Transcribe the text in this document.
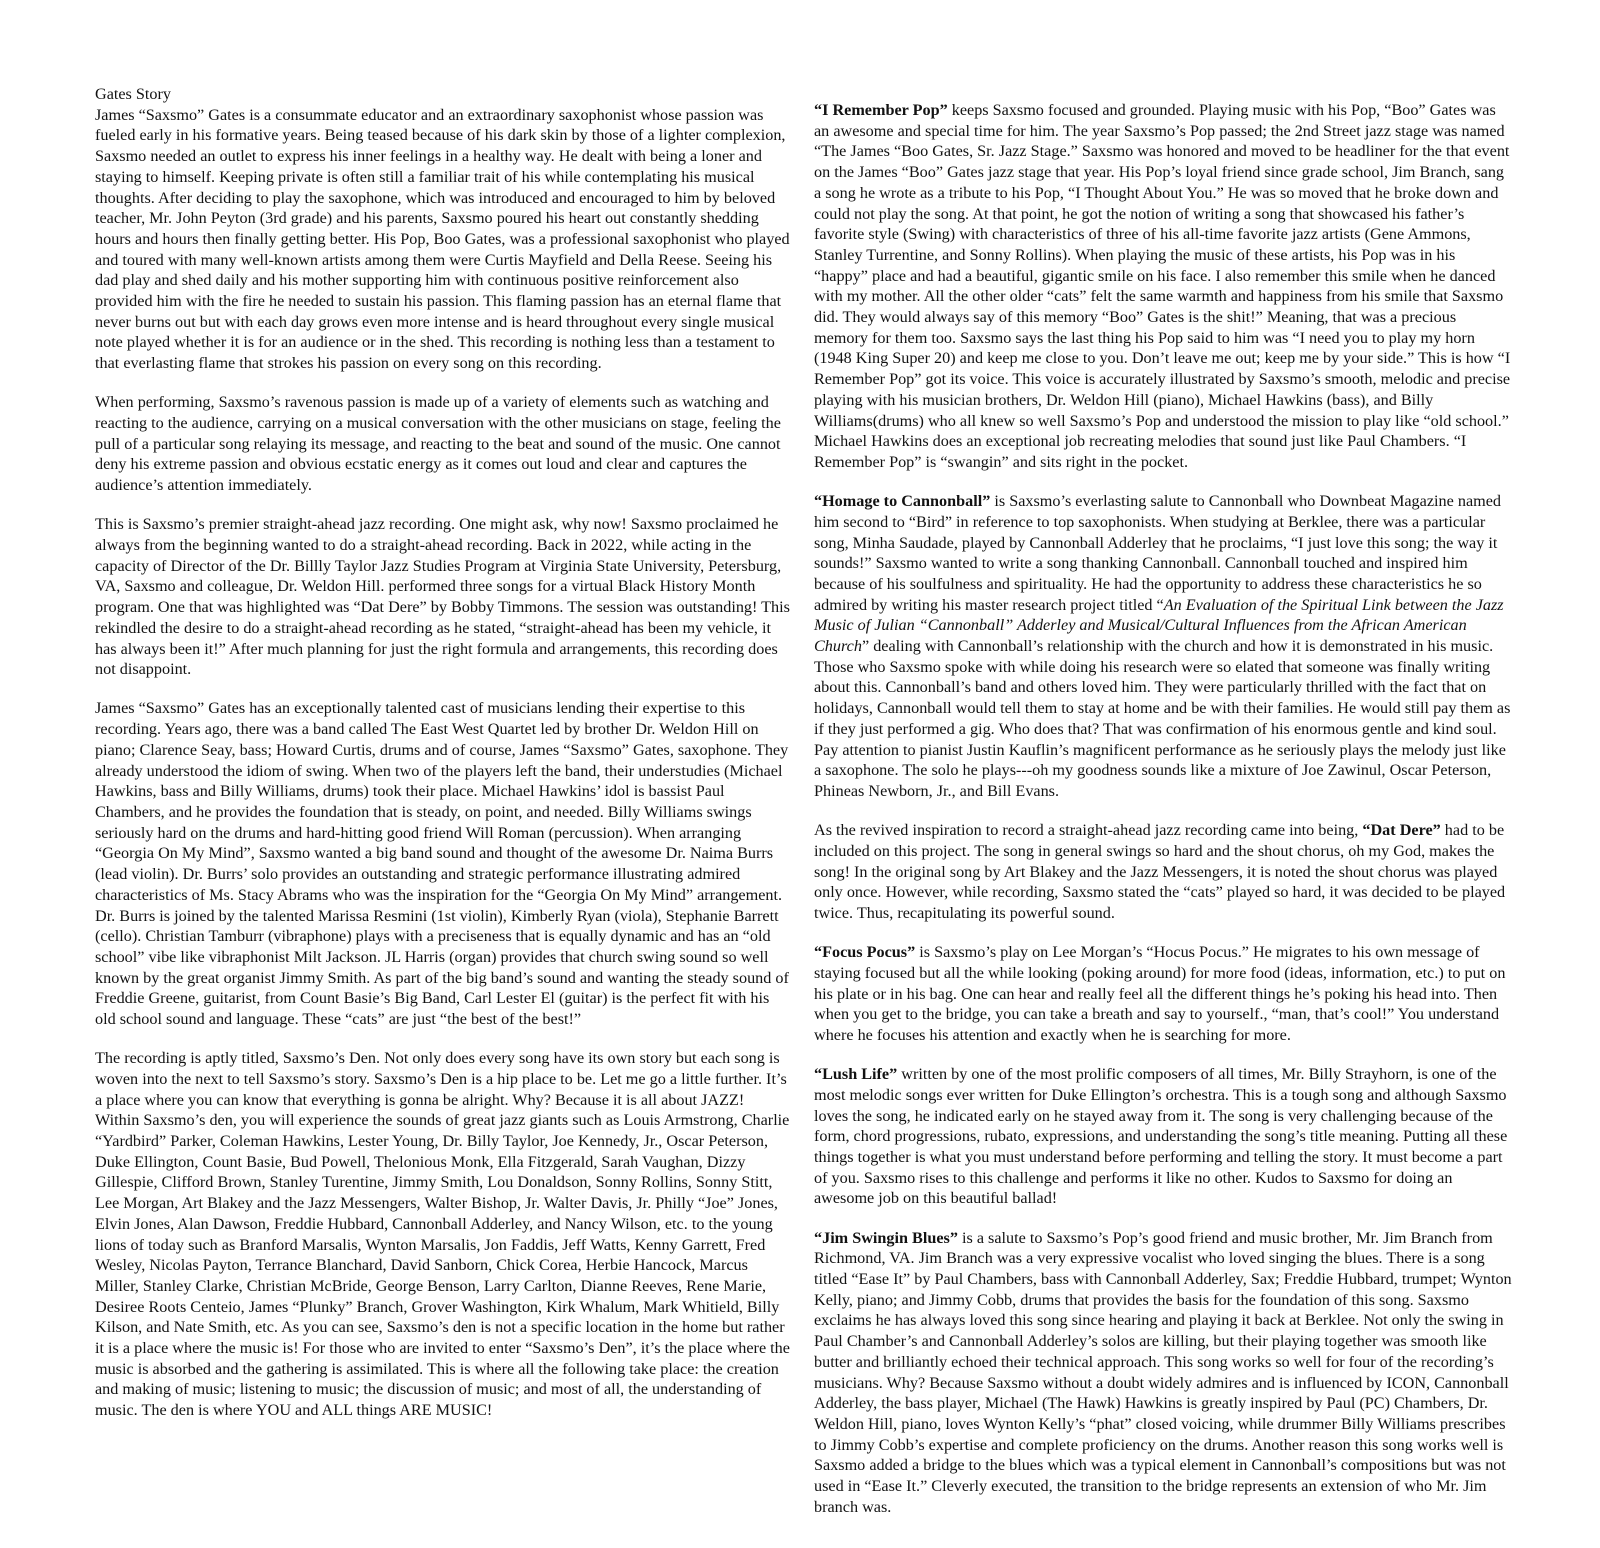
Gates Story

James “Saxsmo” Gates is a consummate educator and an extraordinary saxophonist whose passion was fueled early in his formative years. Being teased because of his dark skin by those of a lighter complexion, Saxsmo needed an outlet to express his inner feelings in a healthy way. He dealt with being a loner and staying to himself. Keeping private is often still a familiar trait of his while contemplating his musical thoughts. After deciding to play the saxophone, which was introduced and encouraged to him by beloved teacher, Mr. John Peyton (3rd grade) and his parents, Saxsmo poured his heart out constantly shedding hours and hours then finally getting better. His Pop, Boo Gates, was a professional saxophonist who played and toured with many well-known artists among them were Curtis Mayfield and Della Reese. Seeing his dad play and shed daily and his mother supporting him with continuous positive reinforcement also provided him with the fire he needed to sustain his passion. This flaming passion has an eternal flame that never burns out but with each day grows even more intense and is heard throughout every single musical note played whether it is for an audience or in the shed. This recording is nothing less than a testament to that everlasting flame that strokes his passion on every song on this recording.

When performing, Saxsmo’s ravenous passion is made up of a variety of elements such as watching and reacting to the audience, carrying on a musical conversation with the other musicians on stage, feeling the pull of a particular song relaying its message, and reacting to the beat and sound of the music. One cannot deny his extreme passion and obvious ecstatic energy as it comes out loud and clear and captures the audience’s attention immediately.

This is Saxsmo’s premier straight-ahead jazz recording. One might ask, why now! Saxsmo proclaimed he always from the beginning wanted to do a straight-ahead recording. Back in 2022, while acting in the capacity of Director of the Dr. Billly Taylor Jazz Studies Program at Virginia State University, Petersburg, VA, Saxsmo and colleague, Dr. Weldon Hill. performed three songs for a virtual Black History Month program. One that was highlighted was “Dat Dere” by Bobby Timmons. The session was outstanding! This rekindled the desire to do a straight-ahead recording as he stated, “straight-ahead has been my vehicle, it has always been it!” After much planning for just the right formula and arrangements, this recording does not disappoint.

James “Saxsmo” Gates has an exceptionally talented cast of musicians lending their expertise to this recording. Years ago, there was a band called The East West Quartet led by brother Dr. Weldon Hill on piano; Clarence Seay, bass; Howard Curtis, drums and of course, James “Saxsmo” Gates, saxophone. They already understood the idiom of swing. When two of the players left the band, their understudies (Michael Hawkins, bass and Billy Williams, drums) took their place. Michael Hawkins’ idol is bassist Paul Chambers, and he provides the foundation that is steady, on point, and needed. Billy Williams swings seriously hard on the drums and hard-hitting good friend Will Roman (percussion). When arranging “Georgia On My Mind”, Saxsmo wanted a big band sound and thought of the awesome Dr. Naima Burrs (lead violin). Dr. Burrs’ solo provides an outstanding and strategic performance illustrating admired characteristics of Ms. Stacy Abrams who was the inspiration for the “Georgia On My Mind” arrangement. Dr. Burrs is joined by the talented Marissa Resmini (1st violin), Kimberly Ryan (viola), Stephanie Barrett (cello). Christian Tamburr (vibraphone) plays with a preciseness that is equally dynamic and has an “old school” vibe like vibraphonist Milt Jackson. JL Harris (organ) provides that church swing sound so well known by the great organist Jimmy Smith. As part of the big band’s sound and wanting the steady sound of Freddie Greene, guitarist, from Count Basie’s Big Band, Carl Lester El (guitar) is the perfect fit with his old school sound and language. These “cats” are just “the best of the best!”

The recording is aptly titled, Saxsmo’s Den. Not only does every song have its own story but each song is woven into the next to tell Saxsmo’s story. Saxsmo’s Den is a hip place to be. Let me go a little further. It’s a place where you can know that everything is gonna be alright. Why? Because it is all about JAZZ! Within Saxsmo’s den, you will experience the sounds of great jazz giants such as Louis Armstrong, Charlie “Yardbird” Parker, Coleman Hawkins, Lester Young, Dr. Billy Taylor, Joe Kennedy, Jr., Oscar Peterson, Duke Ellington, Count Basie, Bud Powell, Thelonious Monk, Ella Fitzgerald, Sarah Vaughan, Dizzy Gillespie, Clifford Brown, Stanley Turentine, Jimmy Smith, Lou Donaldson, Sonny Rollins, Sonny Stitt, Lee Morgan, Art Blakey and the Jazz Messengers, Walter Bishop, Jr. Walter Davis, Jr. Philly “Joe” Jones, Elvin Jones, Alan Dawson, Freddie Hubbard, Cannonball Adderley, and Nancy Wilson, etc. to the young lions of today such as Branford Marsalis, Wynton Marsalis, Jon Faddis, Jeff Watts, Kenny Garrett, Fred Wesley, Nicolas Payton, Terrance Blanchard, David Sanborn, Chick Corea, Herbie Hancock, Marcus Miller, Stanley Clarke, Christian McBride, George Benson, Larry Carlton, Dianne Reeves, Rene Marie, Desiree Roots Centeio, James “Plunky” Branch, Grover Washington, Kirk Whalum, Mark Whitield, Billy Kilson, and Nate Smith, etc. As you can see, Saxsmo’s den is not a specific location in the home but rather it is a place where the music is! For those who are invited to enter “Saxsmo’s Den”, it’s the place where the music is absorbed and the gathering is assimilated. This is where all the following take place: the creation and making of music; listening to music; the discussion of music; and most of all, the understanding of music. The den is where YOU and ALL things ARE MUSIC!

“I Remember Pop” keeps Saxsmo focused and grounded. Playing music with his Pop, “Boo” Gates was an awesome and special time for him. The year Saxsmo’s Pop passed; the 2nd Street jazz stage was named “The James “Boo Gates, Sr. Jazz Stage.” Saxsmo was honored and moved to be headliner for the that event on the James “Boo” Gates jazz stage that year. His Pop’s loyal friend since grade school, Jim Branch, sang a song he wrote as a tribute to his Pop, “I Thought About You.” He was so moved that he broke down and could not play the song. At that point, he got the notion of writing a song that showcased his father’s favorite style (Swing) with characteristics of three of his all-time favorite jazz artists (Gene Ammons, Stanley Turrentine, and Sonny Rollins). When playing the music of these artists, his Pop was in his “happy” place and had a beautiful, gigantic smile on his face. I also remember this smile when he danced with my mother. All the other older “cats” felt the same warmth and happiness from his smile that Saxsmo did. They would always say of this memory “Boo” Gates is the shit!” Meaning, that was a precious memory for them too. Saxsmo says the last thing his Pop said to him was “I need you to play my horn (1948 King Super 20) and keep me close to you. Don’t leave me out; keep me by your side.” This is how “I Remember Pop” got its voice. This voice is accurately illustrated by Saxsmo’s smooth, melodic and precise playing with his musician brothers, Dr. Weldon Hill (piano), Michael Hawkins (bass), and Billy Williams(drums) who all knew so well Saxsmo’s Pop and understood the mission to play like “old school.” Michael Hawkins does an exceptional job recreating melodies that sound just like Paul Chambers. “I Remember Pop” is “swangin” and sits right in the pocket.

“Homage to Cannonball” is Saxsmo’s everlasting salute to Cannonball who Downbeat Magazine named him second to “Bird” in reference to top saxophonists. When studying at Berklee, there was a particular song, Minha Saudade, played by Cannonball Adderley that he proclaims, “I just love this song; the way it sounds!” Saxsmo wanted to write a song thanking Cannonball. Cannonball touched and inspired him because of his soulfulness and spirituality. He had the opportunity to address these characteristics he so admired by writing his master research project titled “An Evaluation of the Spiritual Link between the Jazz Music of Julian “Cannonball” Adderley and Musical/Cultural Influences from the African American Church” dealing with Cannonball’s relationship with the church and how it is demonstrated in his music. Those who Saxsmo spoke with while doing his research were so elated that someone was finally writing about this. Cannonball’s band and others loved him. They were particularly thrilled with the fact that on holidays, Cannonball would tell them to stay at home and be with their families. He would still pay them as if they just performed a gig. Who does that? That was confirmation of his enormous gentle and kind soul. Pay attention to pianist Justin Kauflin’s magnificent performance as he seriously plays the melody just like a saxophone. The solo he plays---oh my goodness sounds like a mixture of Joe Zawinul, Oscar Peterson, Phineas Newborn, Jr., and Bill Evans.

As the revived inspiration to record a straight-ahead jazz recording came into being, “Dat Dere” had to be included on this project. The song in general swings so hard and the shout chorus, oh my God, makes the song! In the original song by Art Blakey and the Jazz Messengers, it is noted the shout chorus was played only once. However, while recording, Saxsmo stated the “cats” played so hard, it was decided to be played twice. Thus, recapitulating its powerful sound.

“Focus Pocus” is Saxsmo’s play on Lee Morgan’s “Hocus Pocus.” He migrates to his own message of staying focused but all the while looking (poking around) for more food (ideas, information, etc.) to put on his plate or in his bag. One can hear and really feel all the different things he’s poking his head into. Then when you get to the bridge, you can take a breath and say to yourself., “man, that’s cool!” You understand where he focuses his attention and exactly when he is searching for more.

“Lush Life” written by one of the most prolific composers of all times, Mr. Billy Strayhorn, is one of the most melodic songs ever written for Duke Ellington’s orchestra. This is a tough song and although Saxsmo loves the song, he indicated early on he stayed away from it. The song is very challenging because of the form, chord progressions, rubato, expressions, and understanding the song’s title meaning. Putting all these things together is what you must understand before performing and telling the story. It must become a part of you. Saxsmo rises to this challenge and performs it like no other. Kudos to Saxsmo for doing an awesome job on this beautiful ballad!

“Jim Swingin Blues” is a salute to Saxsmo’s Pop’s good friend and music brother, Mr. Jim Branch from Richmond, VA. Jim Branch was a very expressive vocalist who loved singing the blues. There is a song titled “Ease It” by Paul Chambers, bass with Cannonball Adderley, Sax; Freddie Hubbard, trumpet; Wynton Kelly, piano; and Jimmy Cobb, drums that provides the basis for the foundation of this song. Saxsmo exclaims he has always loved this song since hearing and playing it back at Berklee. Not only the swing in Paul Chamber’s and Cannonball Adderley’s solos are killing, but their playing together was smooth like butter and brilliantly echoed their technical approach. This song works so well for four of the recording’s musicians. Why? Because Saxsmo without a doubt widely admires and is influenced by ICON, Cannonball Adderley, the bass player, Michael (The Hawk) Hawkins is greatly inspired by Paul (PC) Chambers, Dr. Weldon Hill, piano, loves Wynton Kelly’s “phat” closed voicing, while drummer Billy Williams prescribes to Jimmy Cobb’s expertise and complete proficiency on the drums. Another reason this song works well is Saxsmo added a bridge to the blues which was a typical element in Cannonball’s compositions but was not used in “Ease It.” Cleverly executed, the transition to the bridge represents an extension of who Mr. Jim branch was.
